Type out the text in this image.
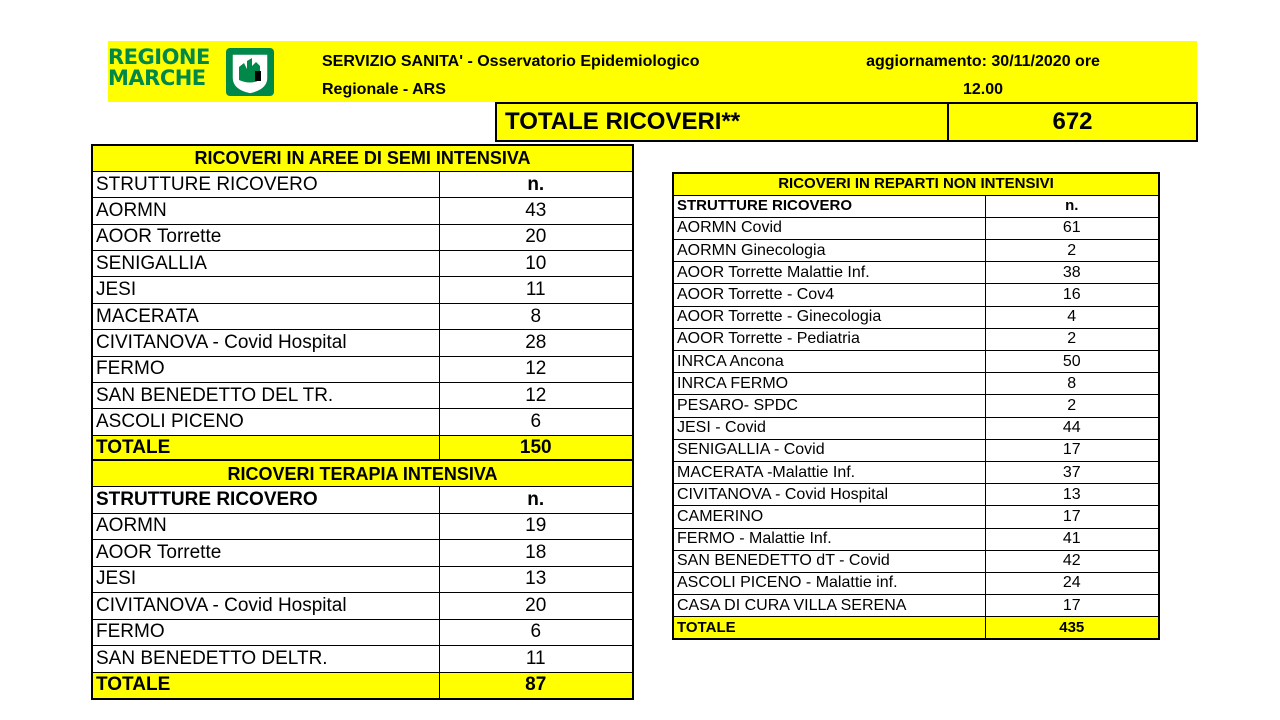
REGIONE
MARCHE
SERVIZIO SANITA' - Osservatorio Epidemiologico
Regionale - ARS
aggiornamento: 30/11/2020 ore
12.00
TOTALE RICOVERI**	672
RICOVERI IN AREE DI SEMI INTENSIVA	
STRUTTURE RICOVERO	n.
AORMN	43
AOOR Torrette	20
SENIGALLIA	10
JESI	11
MACERATA	8
CIVITANOVA - Covid Hospital	28
FERMO	12
SAN BENEDETTO DEL TR.	12
ASCOLI PICENO	6
TOTALE	150
RICOVERI TERAPIA INTENSIVA	
STRUTTURE RICOVERO	n.
AORMN	19
AOOR Torrette	18
JESI	13
CIVITANOVA - Covid Hospital	20
FERMO	6
SAN BENEDETTO DELTR.	11
TOTALE	87
RICOVERI IN REPARTI NON INTENSIVI	
STRUTTURE RICOVERO	n.
AORMN Covid	61
AORMN Ginecologia	2
AOOR Torrette Malattie Inf.	38
AOOR Torrette - Cov4	16
AOOR Torrette - Ginecologia	4
AOOR Torrette - Pediatria	2
INRCA Ancona	50
INRCA FERMO	8
PESARO- SPDC	2
JESI - Covid	44
SENIGALLIA - Covid	17
MACERATA -Malattie Inf.	37
CIVITANOVA - Covid Hospital	13
CAMERINO	17
FERMO - Malattie Inf.	41
SAN BENEDETTO dT - Covid	42
ASCOLI PICENO - Malattie inf.	24
CASA DI CURA VILLA SERENA	17
TOTALE	435
